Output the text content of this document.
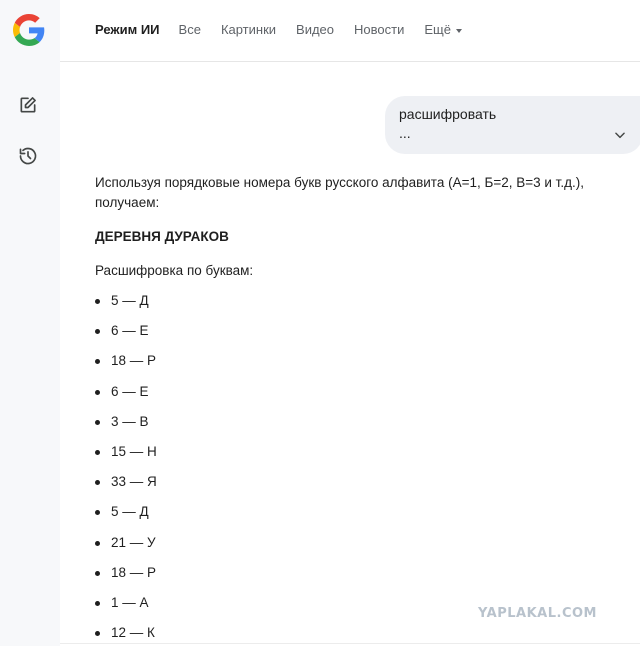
Режим ИИ Все Картинки Видео Новости Ещё
расшифровать
...

Используя порядковые номера букв русского алфавита (А=1, Б=2, В=3 и т.д.), получаем:

ДЕРЕВНЯ ДУРАКОВ

Расшифровка по буквам:

5 — Д
6 — Е
18 — Р
6 — Е
3 — В
15 — Н
33 — Я
5 — Д
21 — У
18 — Р
1 — А
12 — К
YAPLAKAL.COM
